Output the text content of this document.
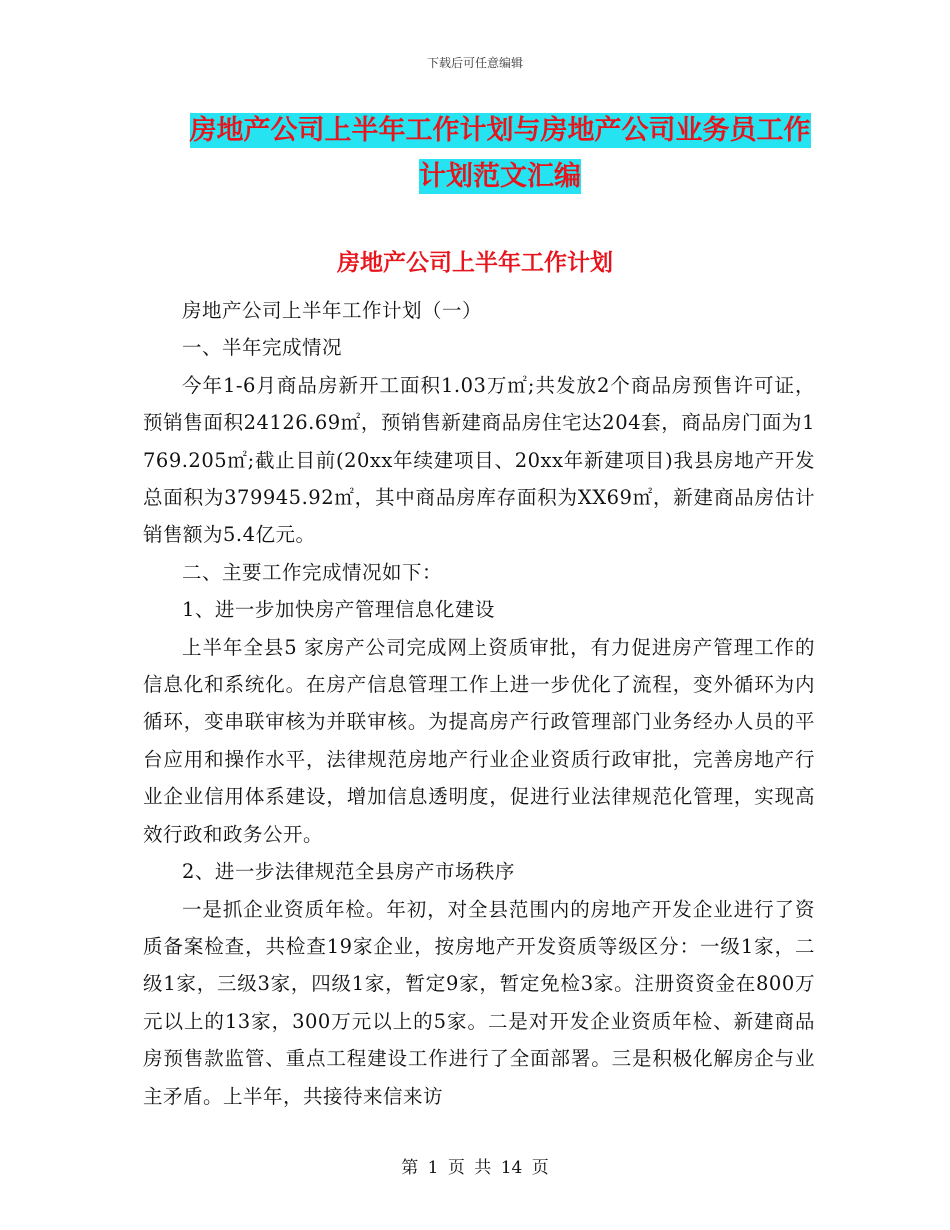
下载后可任意编辑
房地产公司上半年工作计划与房地产公司业务员工作
计划范文汇编
房地产公司上半年工作计划

房地产公司上半年工作计划（一）

一、半年完成情况

今年1-6月商品房新开工面积1.03万㎡;共发放2个商品房预售许可证，预销售面积24126.69㎡，预销售新建商品房住宅达204套，商品房门面为1769.205㎡;截止目前(20xx年续建项目、20xx年新建项目)我县房地产开发总面积为379945.92㎡，其中商品房库存面积为XX69㎡，新建商品房估计销售额为5.4亿元。

二、主要工作完成情况如下：

1、进一步加快房产管理信息化建设

上半年全县5 家房产公司完成网上资质审批，有力促进房产管理工作的信息化和系统化。在房产信息管理工作上进一步优化了流程，变外循环为内循环，变串联审核为并联审核。为提高房产行政管理部门业务经办人员的平台应用和操作水平，法律规范房地产行业企业资质行政审批，完善房地产行业企业信用体系建设，增加信息透明度，促进行业法律规范化管理，实现高效行政和政务公开。

2、进一步法律规范全县房产市场秩序

一是抓企业资质年检。年初，对全县范围内的房地产开发企业进行了资质备案检查，共检查19家企业，按房地产开发资质等级区分：一级1家，二级1家，三级3家，四级1家，暂定9家，暂定免检3家。注册资资金在800万元以上的13家，300万元以上的5家。二是对开发企业资质年检、新建商品房预售款监管、重点工程建设工作进行了全面部署。三是积极化解房企与业主矛盾。上半年，共接待来信来访

第 1 页 共 14 页
